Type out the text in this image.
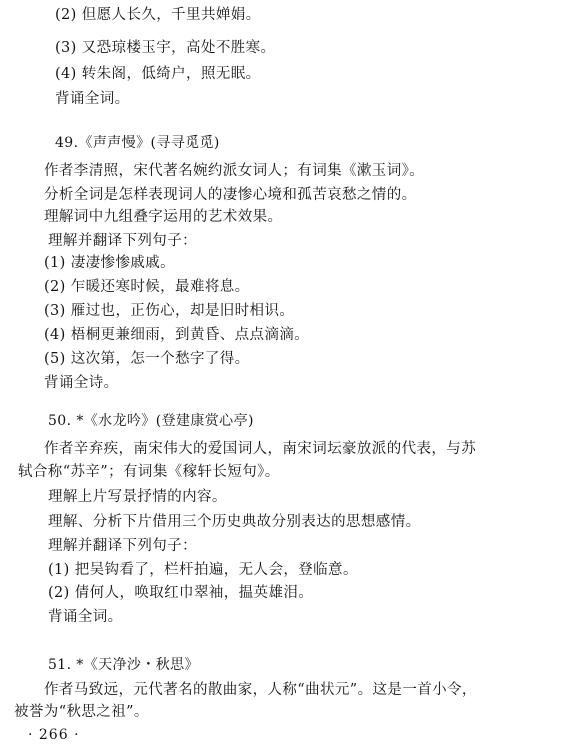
(2) 但愿人长久，千里共婵娟。
(3) 又恐琼楼玉宇，高处不胜寒。
(4) 转朱阁，低绮户，照无眠。
背诵全词。
49.《声声慢》(寻寻觅觅)
作者李清照，宋代著名婉约派女词人；有词集《漱玉词》。
分析全词是怎样表现词人的凄惨心境和孤苦哀愁之情的。
理解词中九组叠字运用的艺术效果。
理解并翻译下列句子：
(1) 凄凄惨惨戚戚。
(2) 乍暖还寒时候，最难将息。
(3) 雁过也，正伤心，却是旧时相识。
(4) 梧桐更兼细雨，到黄昏、点点滴滴。
(5) 这次第，怎一个愁字了得。
背诵全诗。
50. *《水龙吟》(登建康赏心亭)
作者辛弃疾，南宋伟大的爱国词人，南宋词坛豪放派的代表，与苏
轼合称“苏辛”；有词集《稼轩长短句》。
理解上片写景抒情的内容。
理解、分析下片借用三个历史典故分别表达的思想感情。
理解并翻译下列句子：
(1) 把吴钩看了，栏杆拍遍，无人会，登临意。
(2) 倩何人，唤取红巾翠袖，揾英雄泪。
背诵全词。
51. *《天净沙・秋思》
作者马致远，元代著名的散曲家，人称“曲状元”。这是一首小令，
被誉为“秋思之祖”。
· 266 ·
